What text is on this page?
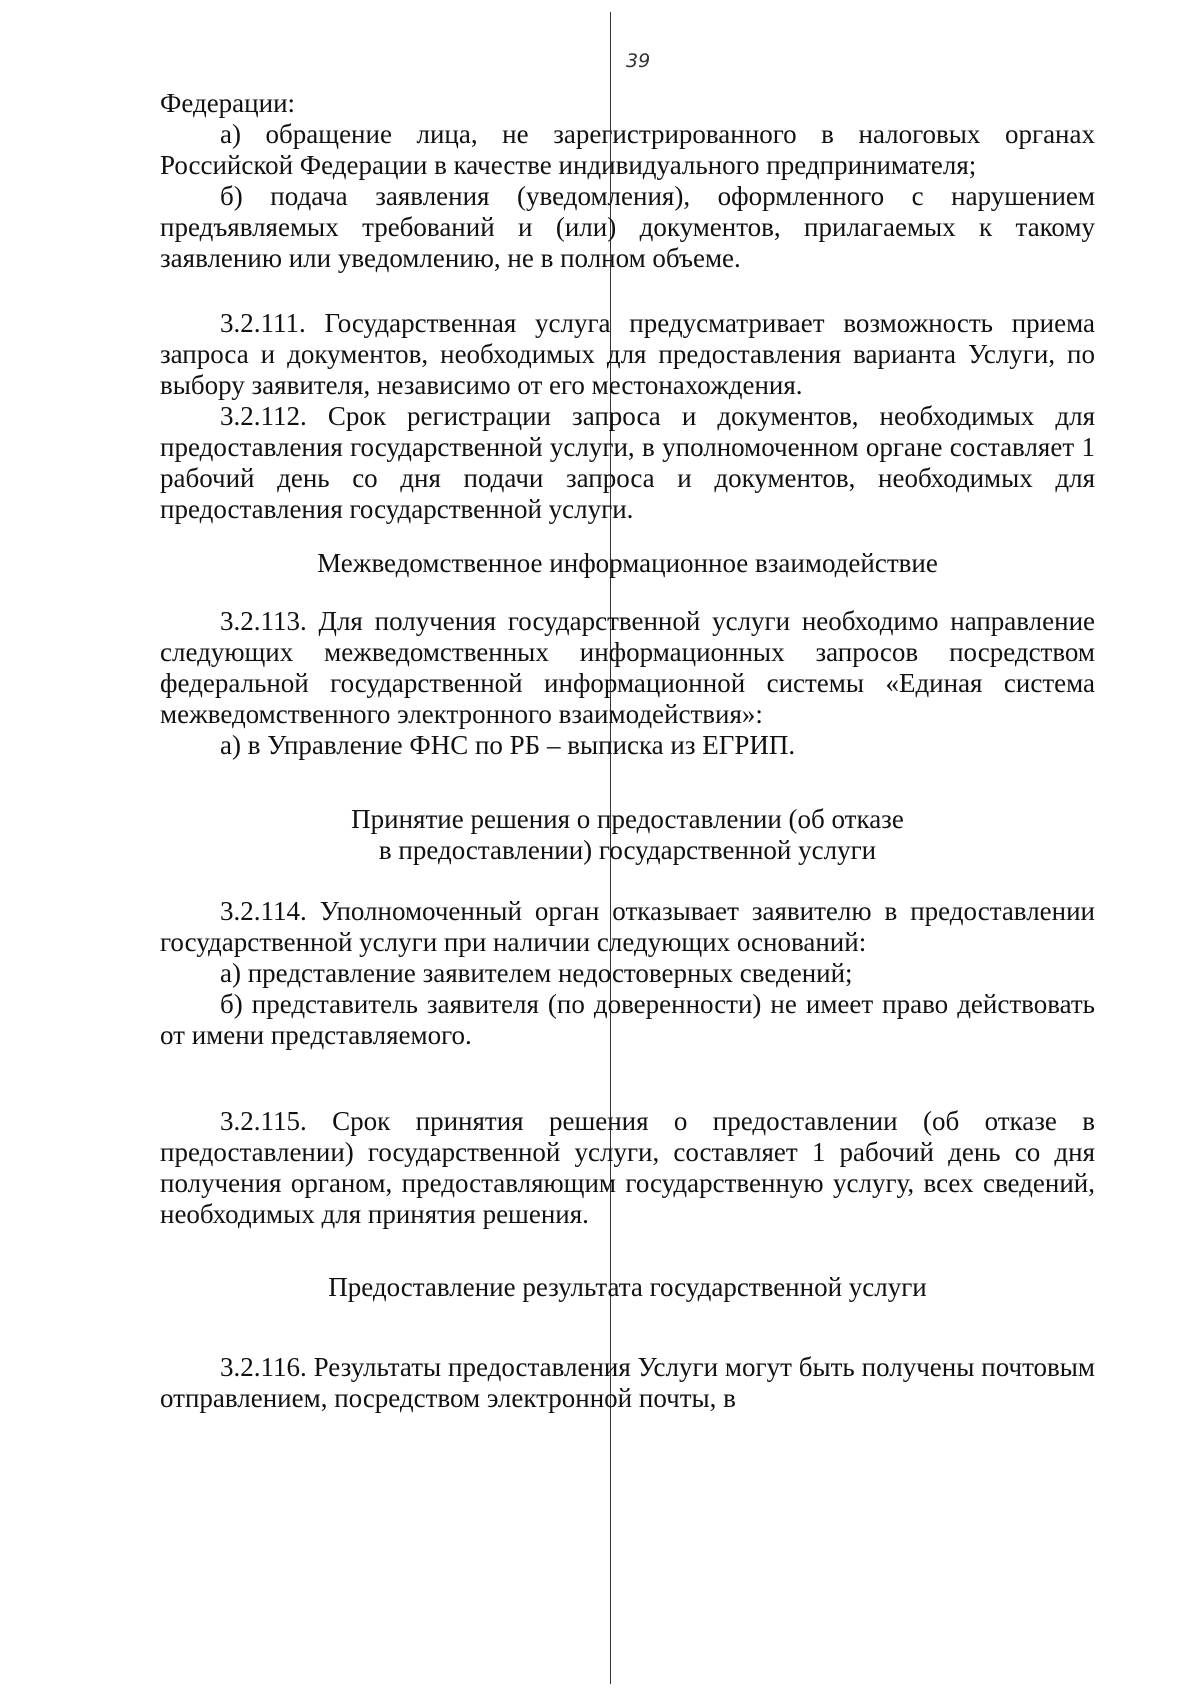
39

Федерации:

а) обращение лица, не зарегистрированного в налоговых органах Российской Федерации в качестве индивидуального предпринимателя;

б) подача заявления (уведомления), оформленного с нарушением предъявляемых требований и (или) документов, прилагаемых к такому заявлению или уведомлению, не в полном объеме.

3.2.111. Государственная услуга предусматривает возможность приема запроса и документов, необходимых для предоставления варианта Услуги, по выбору заявителя, независимо от его местонахождения.

3.2.112. Срок регистрации запроса и документов, необходимых для предоставления государственной услуги, в уполномоченном органе составляет 1 рабочий день со дня подачи запроса и документов, необходимых для предоставления государственной услуги.

Межведомственное информационное взаимодействие

3.2.113. Для получения государственной услуги необходимо направление следующих межведомственных информационных запросов посредством федеральной государственной информационной системы «Единая система межведомственного электронного взаимодействия»:

а) в Управление ФНС по РБ – выписка из ЕГРИП.

Принятие решения о предоставлении (об отказе
в предоставлении) государственной услуги

3.2.114. Уполномоченный орган отказывает заявителю в предоставлении государственной услуги при наличии следующих оснований:

а) представление заявителем недостоверных сведений;

б) представитель заявителя (по доверенности) не имеет право действовать от имени представляемого.

3.2.115. Срок принятия решения о предоставлении (об отказе в предоставлении) государственной услуги, составляет 1 рабочий день со дня получения органом, предоставляющим государственную услугу, всех сведений, необходимых для принятия решения.

Предоставление результата государственной услуги

3.2.116. Результаты предоставления Услуги могут быть получены почтовым отправлением, посредством электронной почты, в
